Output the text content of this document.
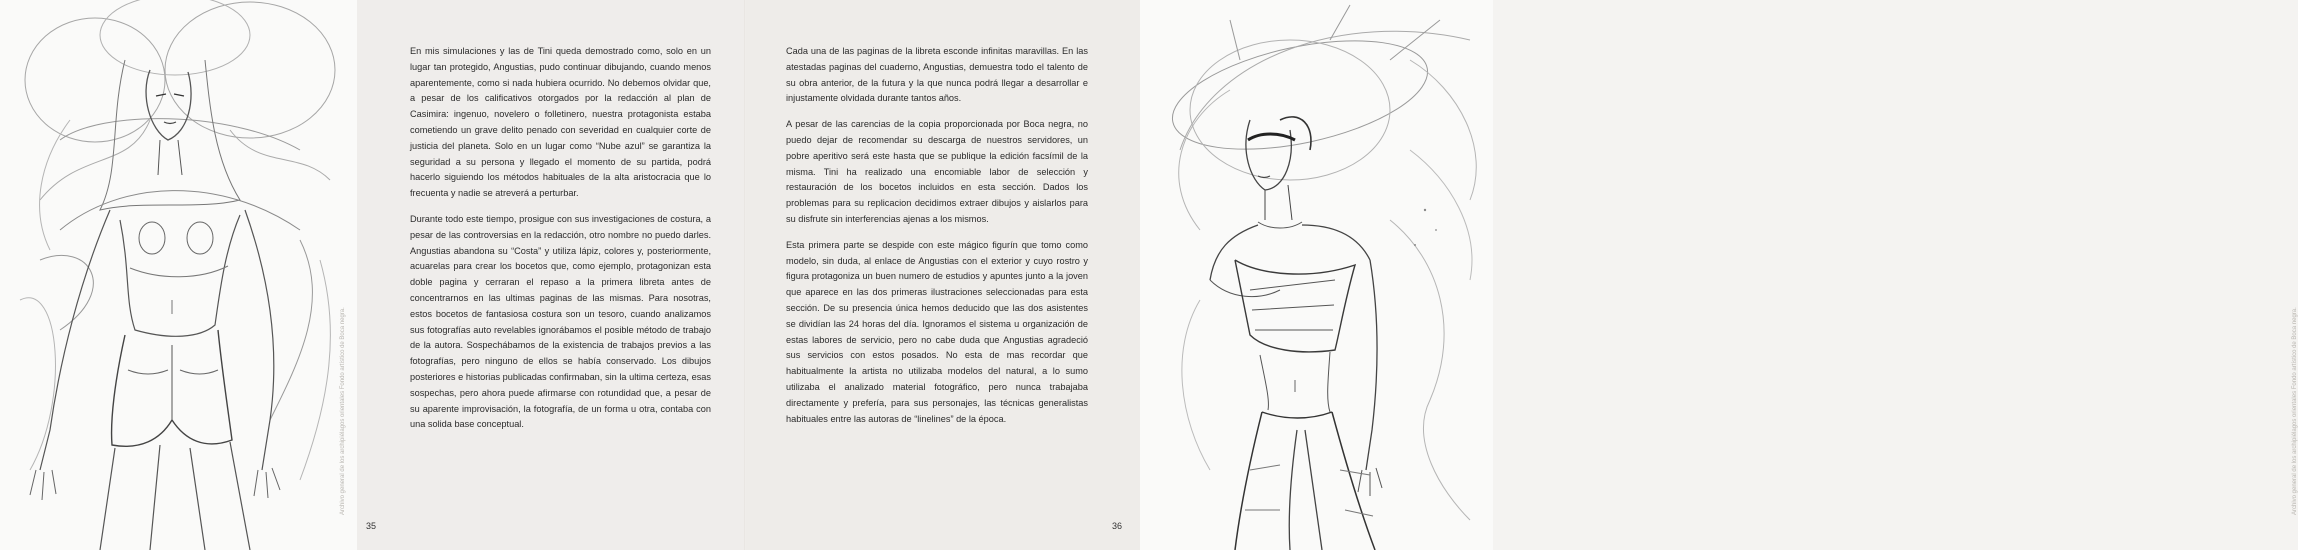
Archivo general de los archipiélagos orientales Fondo artístico de Boca negra.

En mis simulaciones y las de Tini queda demostrado como, solo en un lugar tan protegido, Angustias, pudo continuar dibujando, cuando menos aparentemente, como si nada hubiera ocurrido. No debemos olvidar que, a pesar de los calificativos otorgados por la redacción al plan de Casimira: ingenuo, novelero o folletinero, nuestra protagonista estaba cometiendo un grave delito penado con severidad en cualquier corte de justicia del planeta. Solo en un lugar como “Nube azul” se garantiza la seguridad a su persona y llegado el momento de su partida, podrá hacerlo siguiendo los métodos habituales de la alta aristocracia que lo frecuenta y nadie se atreverá a perturbar.

Durante todo este tiempo, prosigue con sus investigaciones de costura, a pesar de las controversias en la redacción, otro nombre no puedo darles. Angustias abandona su “Costa” y utiliza lápiz, colores y, posteriormente, acuarelas para crear los bocetos que, como ejemplo, protagonizan esta doble pagina y cerraran el repaso a la primera libreta antes de concentrarnos en las ultimas paginas de las mismas. Para nosotras, estos bocetos de fantasiosa costura son un tesoro, cuando analizamos sus fotografías auto revelables ignorábamos el posible método de trabajo de la autora. Sospechábamos de la existencia de trabajos previos a las fotografías, pero ninguno de ellos se había conservado. Los dibujos posteriores e historias publicadas confirmaban, sin la ultima certeza, esas sospechas, pero ahora puede afirmarse con rotundidad que, a pesar de su aparente improvisación, la fotografía, de un forma u otra, contaba con una solida base conceptual.

35

Cada una de las paginas de la libreta esconde infinitas maravillas. En las atestadas paginas del cuaderno, Angustias, demuestra todo el talento de su obra anterior, de la futura y la que nunca podrá llegar a desarrollar e injustamente olvidada durante tantos años.

A pesar de las carencias de la copia proporcionada por Boca negra, no puedo dejar de recomendar su descarga de nuestros servidores, un pobre aperitivo será este hasta que se publique la edición facsímil de la misma. Tini ha realizado una encomiable labor de selección y restauración de los bocetos incluidos en esta sección. Dados los problemas para su replicacion decidimos extraer dibujos y aislarlos para su disfrute sin interferencias ajenas a los mismos.

Esta primera parte se despide con este mágico figurín que tomo como modelo, sin duda, al enlace de Angustias con el exterior y cuyo rostro y figura protagoniza un buen numero de estudios y apuntes junto a la joven que aparece en las dos primeras ilustraciones seleccionadas para esta sección. De su presencia única hemos deducido que las dos asistentes se dividían las 24 horas del día. Ignoramos el sistema u organización de estas labores de servicio, pero no cabe duda que Angustias agradeció sus servicios con estos posados. No esta de mas recordar que habitualmente la artista no utilizaba modelos del natural, a lo sumo utilizaba el analizado material fotográfico, pero nunca trabajaba directamente y prefería, para sus personajes, las técnicas generalistas habituales entre las autoras de “linelines” de la época.

36
Archivo general de los archipiélagos orientales Fondo artístico de Boca negra.
